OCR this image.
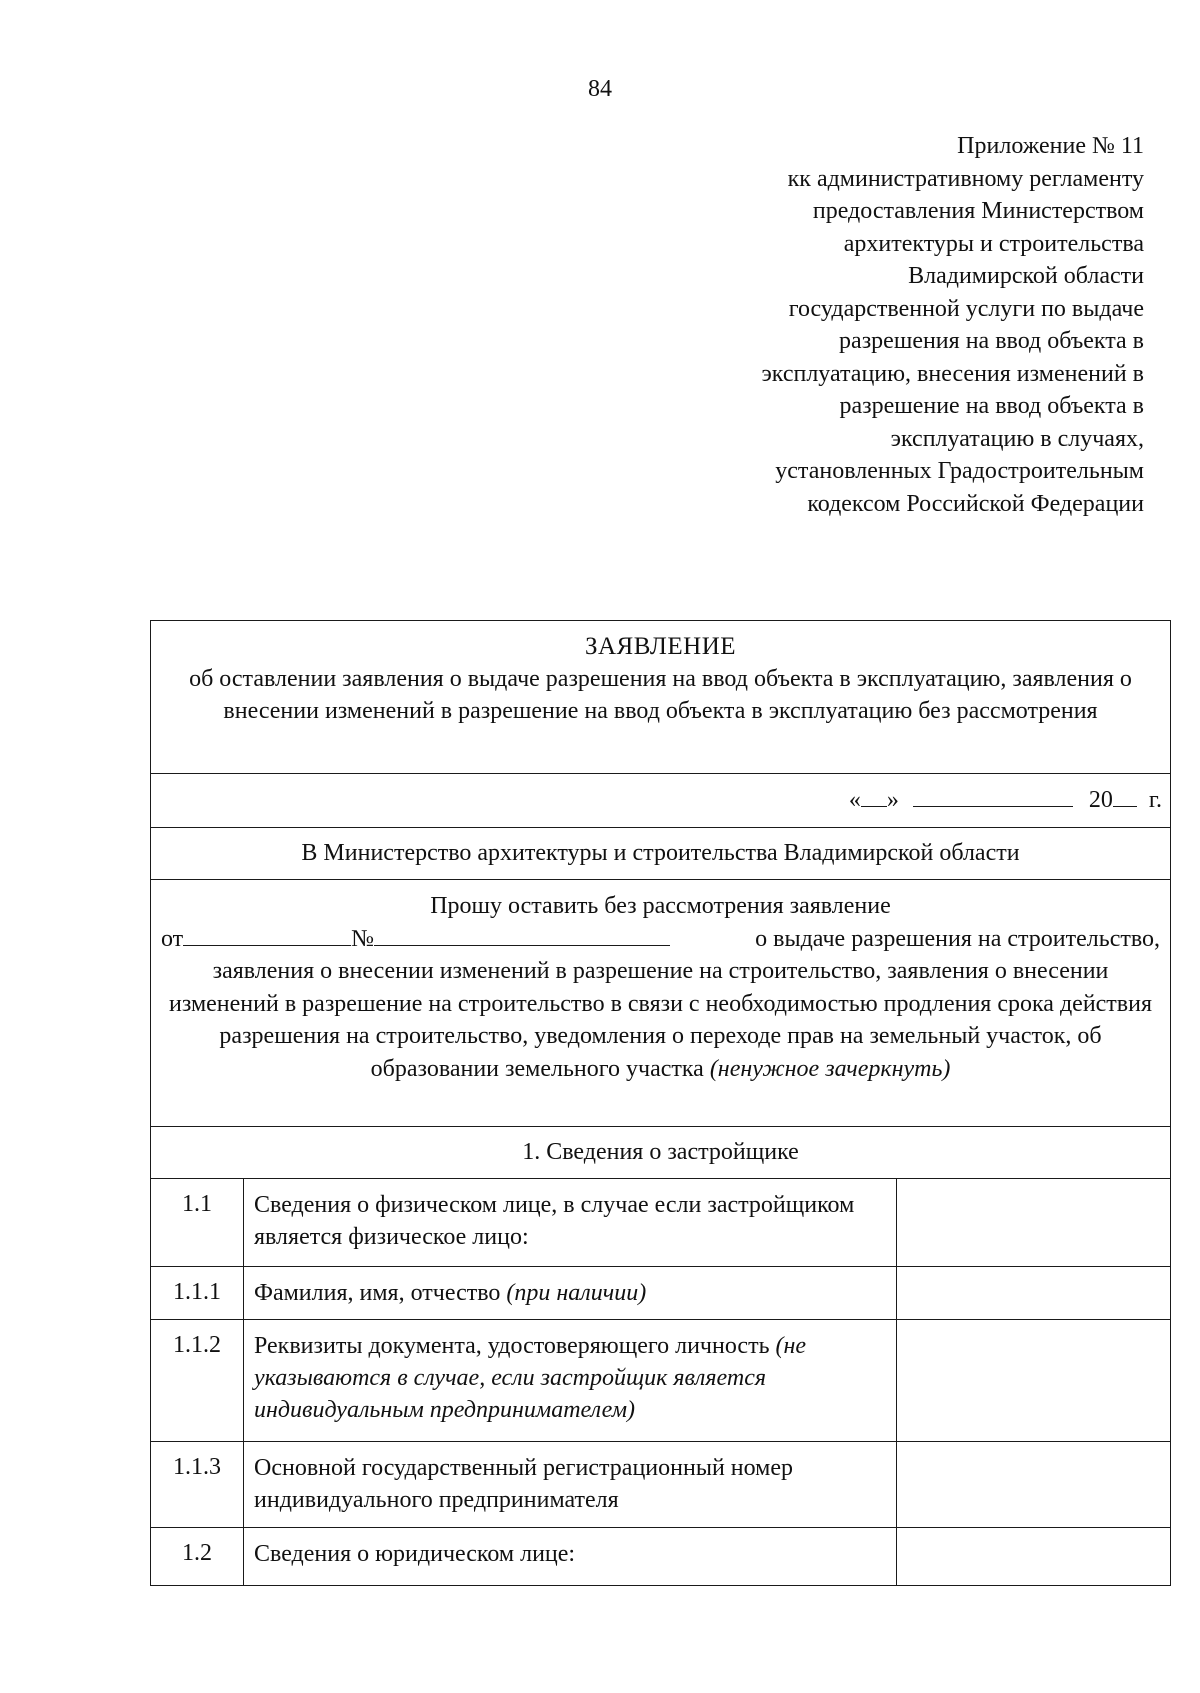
84
Приложение № 11
кк административному регламенту
предоставления Министерством
архитектуры и строительства
Владимирской области
государственной услуги по выдаче
разрешения на ввод объекта в
эксплуатацию, внесения изменений в
разрешение на ввод объекта в
эксплуатацию в случаях,
установленных Градостроительным
кодексом Российской Федерации
ЗАЯВЛЕНИЕ
об оставлении заявления о выдаче разрешения на ввод объекта в эксплуатацию, заявления о внесении изменений в разрешение на ввод объекта в эксплуатацию без рассмотрения
« »	20 г.
В Министерство архитектуры и строительства Владимирской области
Прошу оставить без рассмотрения заявление
от	№	о выдаче разрешения на строительство,
заявления о внесении изменений в разрешение на строительство, заявления о внесении изменений в разрешение на строительство в связи с необходимостью продления срока действия разрешения на строительство, уведомления о переходе прав на земельный участок, об образовании земельного участка (ненужное зачеркнуть)
1. Сведения о застройщике
1.1	Сведения о физическом лице, в случае если застройщиком является физическое лицо:
1.1.1	Фамилия, имя, отчество (при наличии)
1.1.2	Реквизиты документа, удостоверяющего личность (не указываются в случае, если застройщик является индивидуальным предпринимателем)
1.1.3	Основной государственный регистрационный номер индивидуального предпринимателя
1.2	Сведения о юридическом лице:
